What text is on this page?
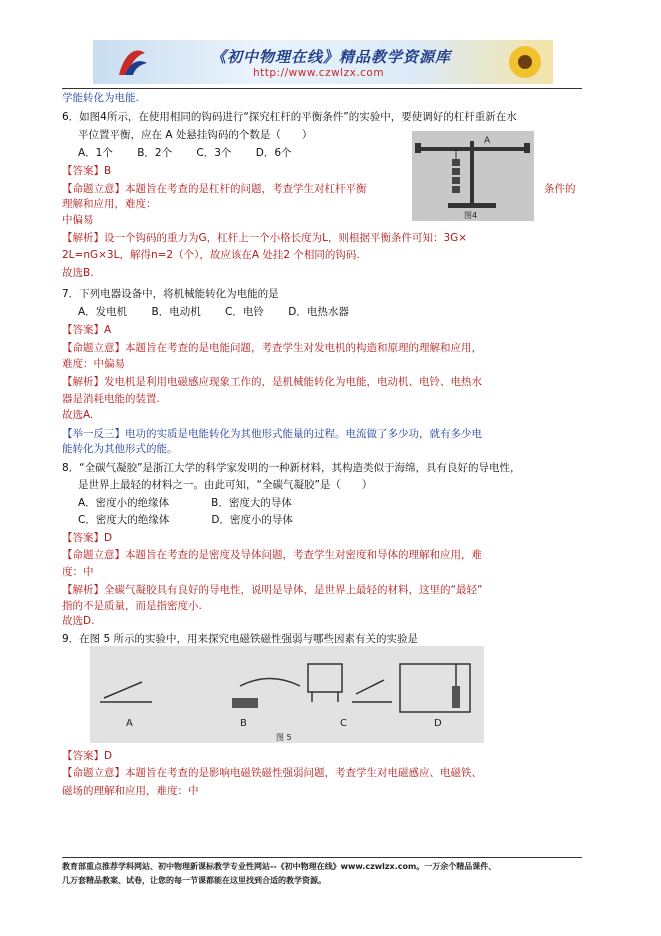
《初中物理在线》精品教学资源库
http://www.czwlzx.com
学能转化为电能.
6．如图4所示，在使用相同的钩码进行“探究杠杆的平衡条件”的实验中，要使调好的杠杆重新在水
平位置平衡，应在 A 处悬挂钩码的个数是（　　）
A．1个　　 B．2个　　 C．3个　　 D．6个
【答案】B
【命题立意】本题旨在考查的是杠杆的问题，考查学生对杠杆平衡	条件的
理解和应用，难度：
中偏易
【解析】设一个钩码的重力为G，杠杆上一个小格长度为L，则根据平衡条件可知：3G×
2L=nG×3L，解得n=2（个），故应该在A 处挂2 个相同的钩码.
故选B.
A
图4
7．下列电器设备中，将机械能转化为电能的是
A．发电机　　 B．电动机　　 C．电铃　　 D．电热水器
【答案】A
【命题立意】本题旨在考查的是电能问题，考查学生对发电机的构造和原理的理解和应用，
难度：中偏易
【解析】发电机是利用电磁感应现象工作的，是机械能转化为电能，电动机、电铃、电热水
器是消耗电能的装置.
故选A.
【举一反三】电功的实质是电能转化为其他形式能量的过程。电流做了多少功，就有多少电
能转化为其他形式的能。
8．“全碳气凝胶”是浙江大学的科学家发明的一种新材料，其构造类似于海绵，具有良好的导电性，
是世界上最轻的材料之一。由此可知，“全碳气凝胶”是（　　）
A．密度小的绝缘体　　　　B．密度大的导体
C．密度大的绝缘体　　　　D．密度小的导体
【答案】D
【命题立意】本题旨在考查的是密度及导体问题，考查学生对密度和导体的理解和应用，难
度：中
【解析】全碳气凝胶具有良好的导电性，说明是导体，是世界上最轻的材料，这里的“最轻”
指的不是质量，而是指密度小.
故选D.
9．在图 5 所示的实验中，用来探究电磁铁磁性强弱与哪些因素有关的实验是
A	B	C	D
图 5
【答案】D
【命题立意】本题旨在考查的是影响电磁铁磁性强弱问题，考查学生对电磁感应、电磁铁、
磁场的理解和应用，难度：中
教育部重点推荐学科网站、初中物理新课标教学专业性网站--《初中物理在线》www.czwlzx.com。一万余个精品课件、
几万套精品教案、试卷，让您的每一节课都能在这里找到合适的教学资源。
